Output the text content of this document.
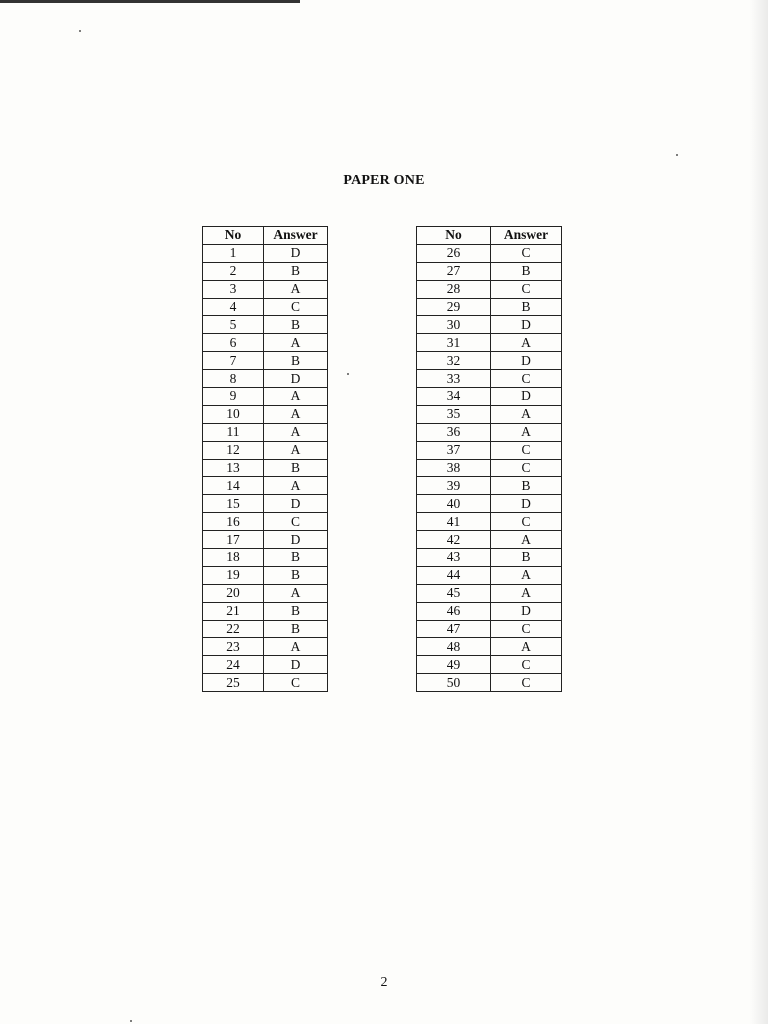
PAPER ONE
No	Answer
1	D
2	B
3	A
4	C
5	B
6	A
7	B
8	D
9	A
10	A
11	A
12	A
13	B
14	A
15	D
16	C
17	D
18	B
19	B
20	A
21	B
22	B
23	A
24	D
25	C
No	Answer
26	C
27	B
28	C
29	B
30	D
31	A
32	D
33	C
34	D
35	A
36	A
37	C
38	C
39	B
40	D
41	C
42	A
43	B
44	A
45	A
46	D
47	C
48	A
49	C
50	C
2
